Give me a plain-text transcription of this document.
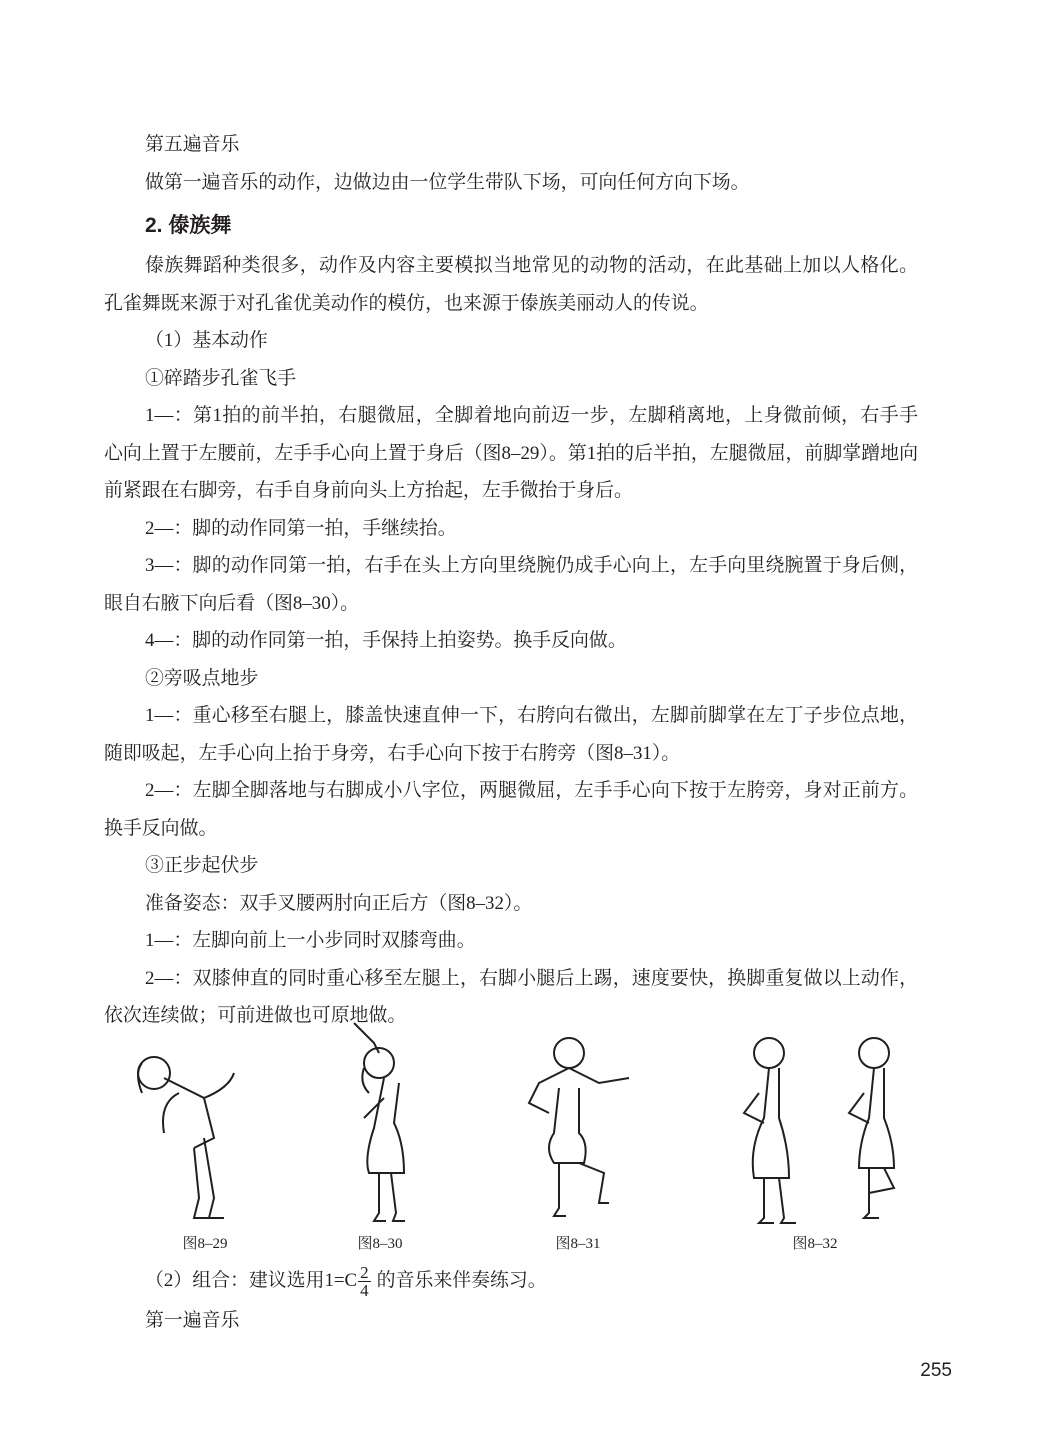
第五遍音乐

做第一遍音乐的动作，边做边由一位学生带队下场，可向任何方向下场。

2. 傣族舞

傣族舞蹈种类很多，动作及内容主要模拟当地常见的动物的活动，在此基础上加以人格化。孔雀舞既来源于对孔雀优美动作的模仿，也来源于傣族美丽动人的传说。

（1）基本动作

①碎踏步孔雀飞手

1—：第1拍的前半拍，右腿微屈，全脚着地向前迈一步，左脚稍离地，上身微前倾，右手手心向上置于左腰前，左手手心向上置于身后（图8–29）。第1拍的后半拍，左腿微屈，前脚掌蹭地向前紧跟在右脚旁，右手自身前向头上方抬起，左手微抬于身后。

2—：脚的动作同第一拍，手继续抬。

3—：脚的动作同第一拍，右手在头上方向里绕腕仍成手心向上，左手向里绕腕置于身后侧，眼自右腋下向后看（图8–30）。

4—：脚的动作同第一拍，手保持上拍姿势。换手反向做。

②旁吸点地步

1—：重心移至右腿上，膝盖快速直伸一下，右胯向右微出，左脚前脚掌在左丁子步位点地，随即吸起，左手心向上抬于身旁，右手心向下按于右胯旁（图8–31）。

2—：左脚全脚落地与右脚成小八字位，两腿微屈，左手手心向下按于左胯旁，身对正前方。换手反向做。

③正步起伏步

准备姿态：双手叉腰两肘向正后方（图8–32）。

1—：左脚向前上一小步同时双膝弯曲。

2—：双膝伸直的同时重心移至左腿上，右脚小腿后上踢，速度要快，换脚重复做以上动作，依次连续做；可前进做也可原地做。

图8–29	图8–30	图8–31	图8–32
（2）组合：建议选用$1=C \frac{2}{4}$ 的音乐来伴奏练习。
第一遍音乐
255
